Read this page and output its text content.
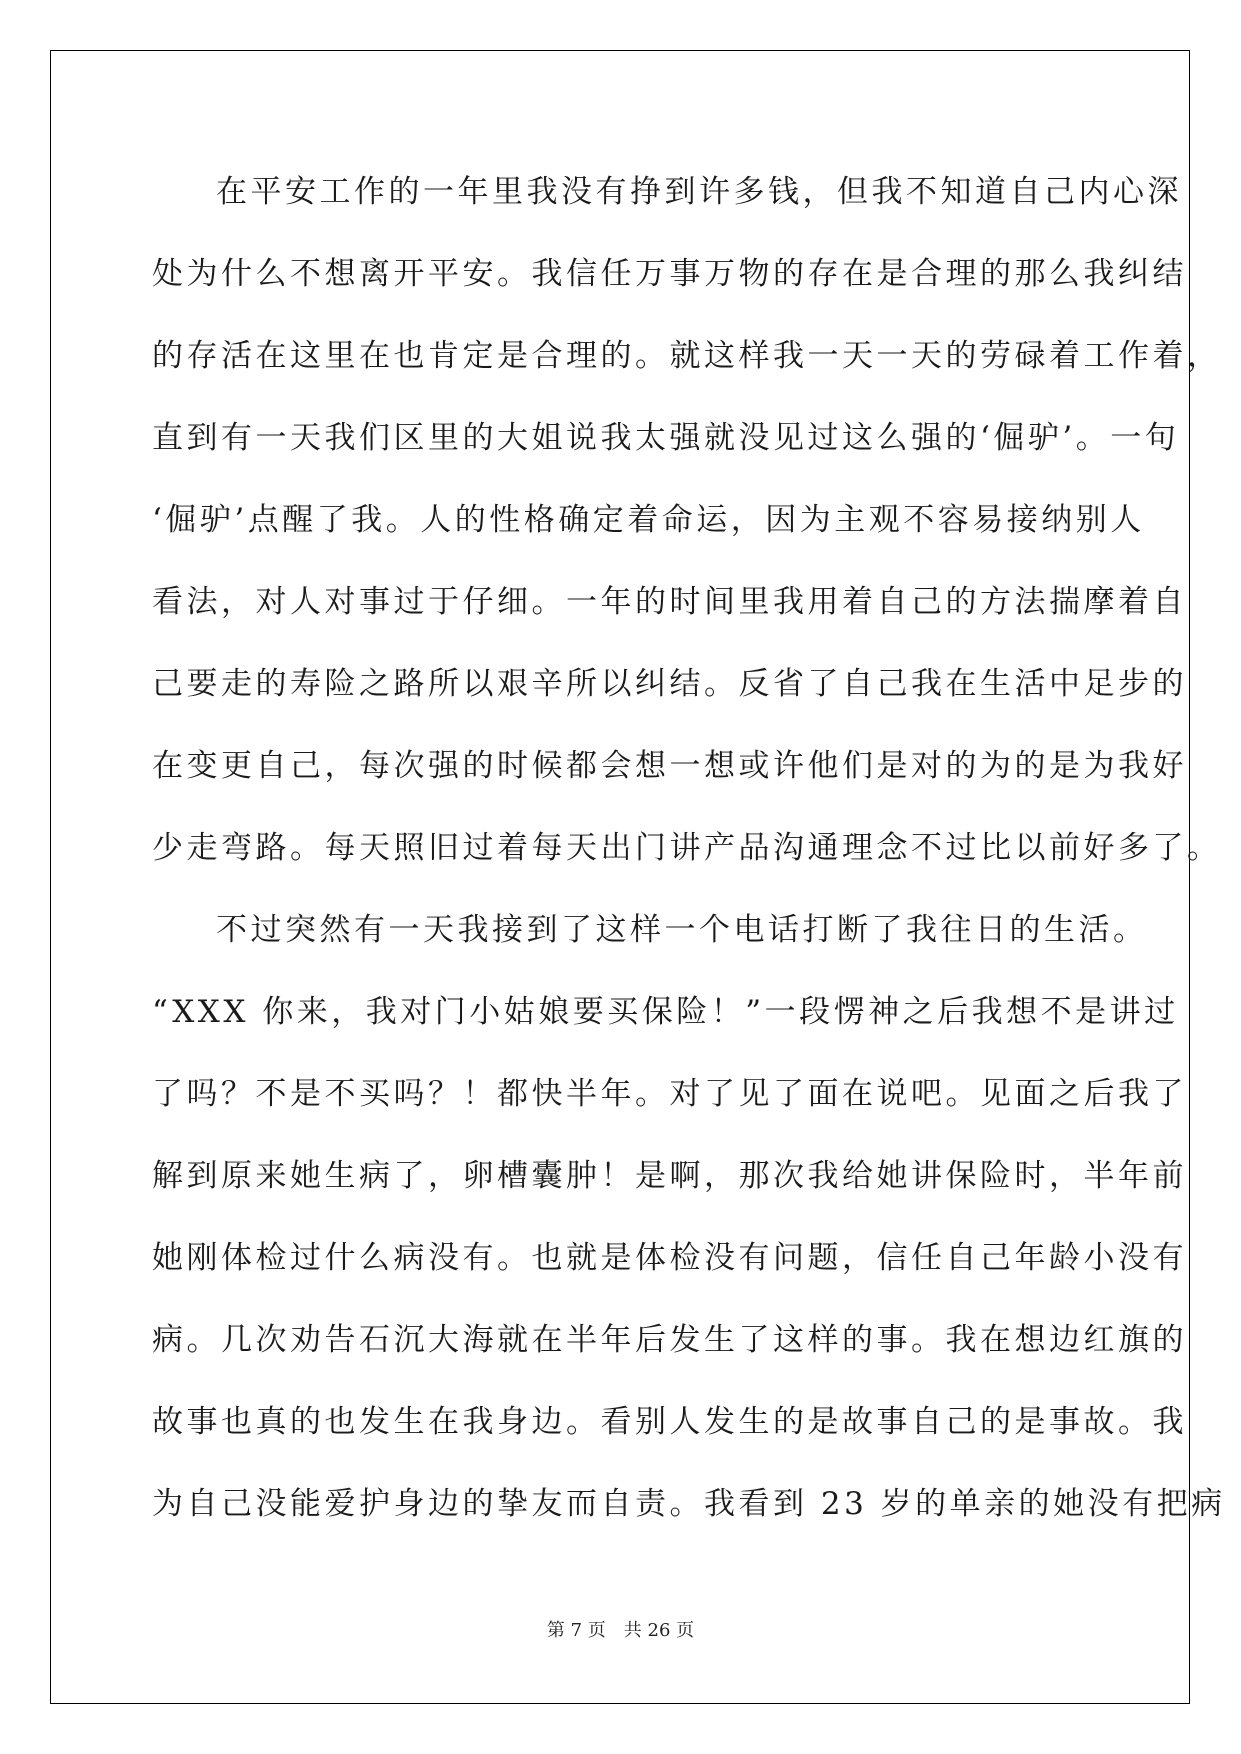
在平安工作的一年里我没有挣到许多钱，但我不知道自己内心深
处为什么不想离开平安。我信任万事万物的存在是合理的那么我纠结
的存活在这里在也肯定是合理的。就这样我一天一天的劳碌着工作着，
直到有一天我们区里的大姐说我太强就没见过这么强的‘倔驴’。一句
‘倔驴’点醒了我。人的性格确定着命运，因为主观不容易接纳别人
看法，对人对事过于仔细。一年的时间里我用着自己的方法揣摩着自
己要走的寿险之路所以艰辛所以纠结。反省了自己我在生活中足步的
在变更自己，每次强的时候都会想一想或许他们是对的为的是为我好
少走弯路。每天照旧过着每天出门讲产品沟通理念不过比以前好多了。
不过突然有一天我接到了这样一个电话打断了我往日的生活。
“XXX 你来，我对门小姑娘要买保险！”一段愣神之后我想不是讲过
了吗？不是不买吗？！都快半年。对了见了面在说吧。见面之后我了
解到原来她生病了，卵槽囊肿！是啊，那次我给她讲保险时，半年前
她刚体检过什么病没有。也就是体检没有问题，信任自己年龄小没有
病。几次劝告石沉大海就在半年后发生了这样的事。我在想边红旗的
故事也真的也发生在我身边。看别人发生的是故事自己的是事故。我
为自己没能爱护身边的挚友而自责。我看到 23 岁的单亲的她没有把病
第 7 页　共 26 页
